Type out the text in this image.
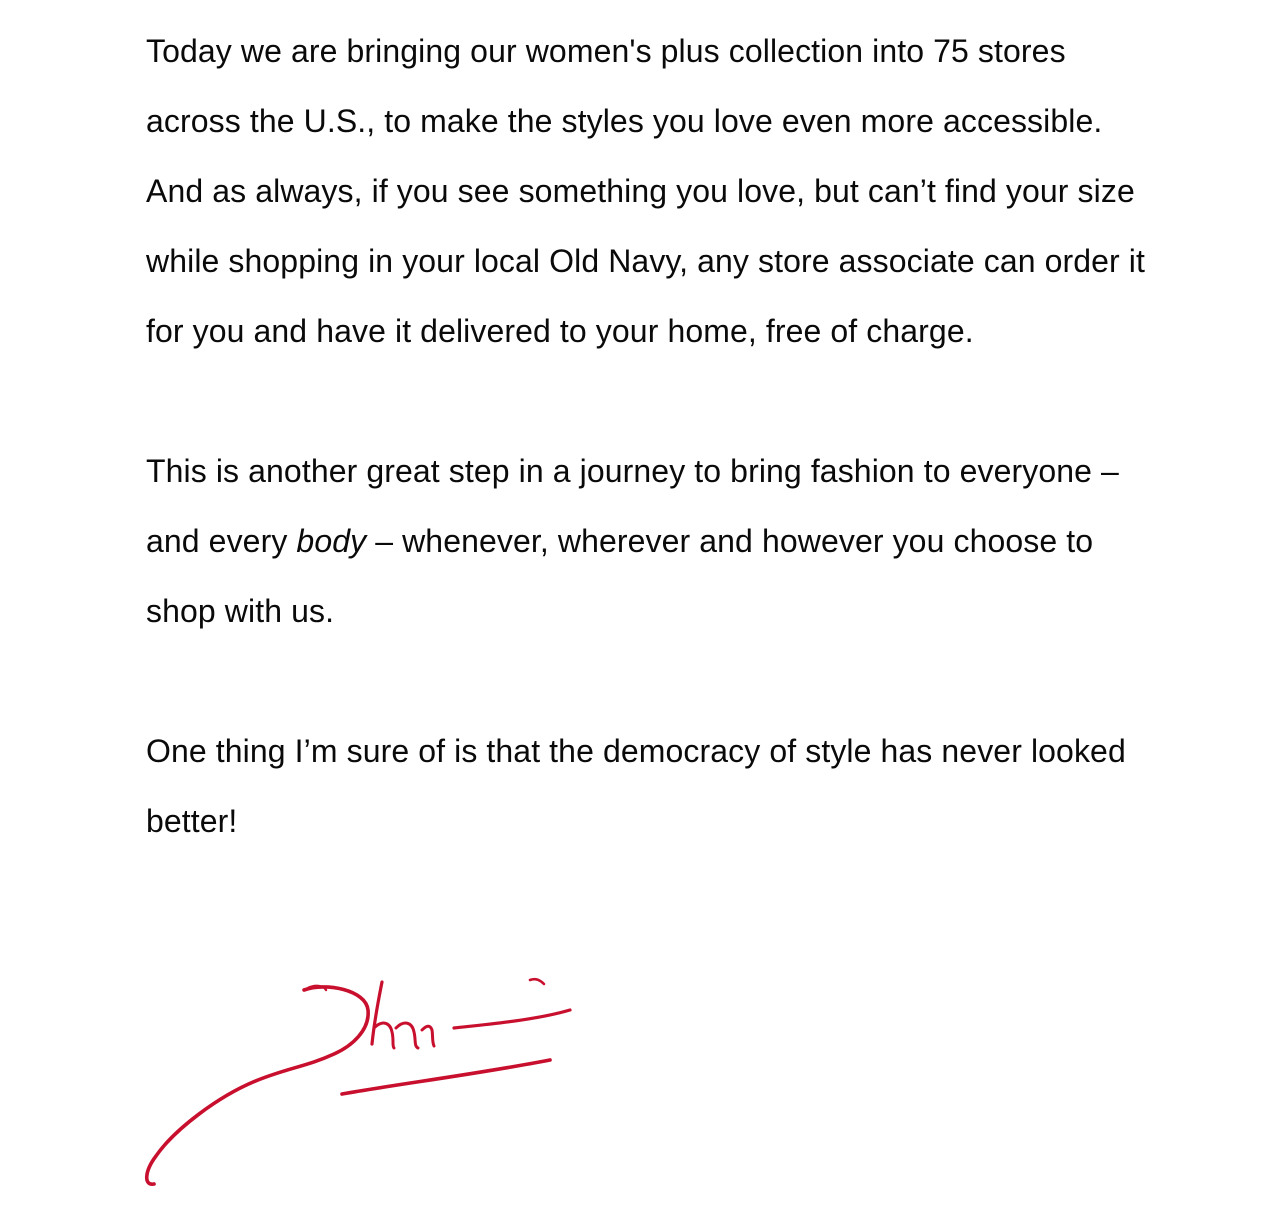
Today we are bringing our women's plus collection into 75 stores across the U.S., to make the styles you love even more accessible. And as always, if you see something you love, but can’t find your size while shopping in your local Old Navy, any store associate can order it for you and have it delivered to your home, free of charge.

This is another great step in a journey to bring fashion to everyone – and every body – whenever, wherever and however you choose to shop with us.

One thing I’m sure of is that the democracy of style has never looked better!
